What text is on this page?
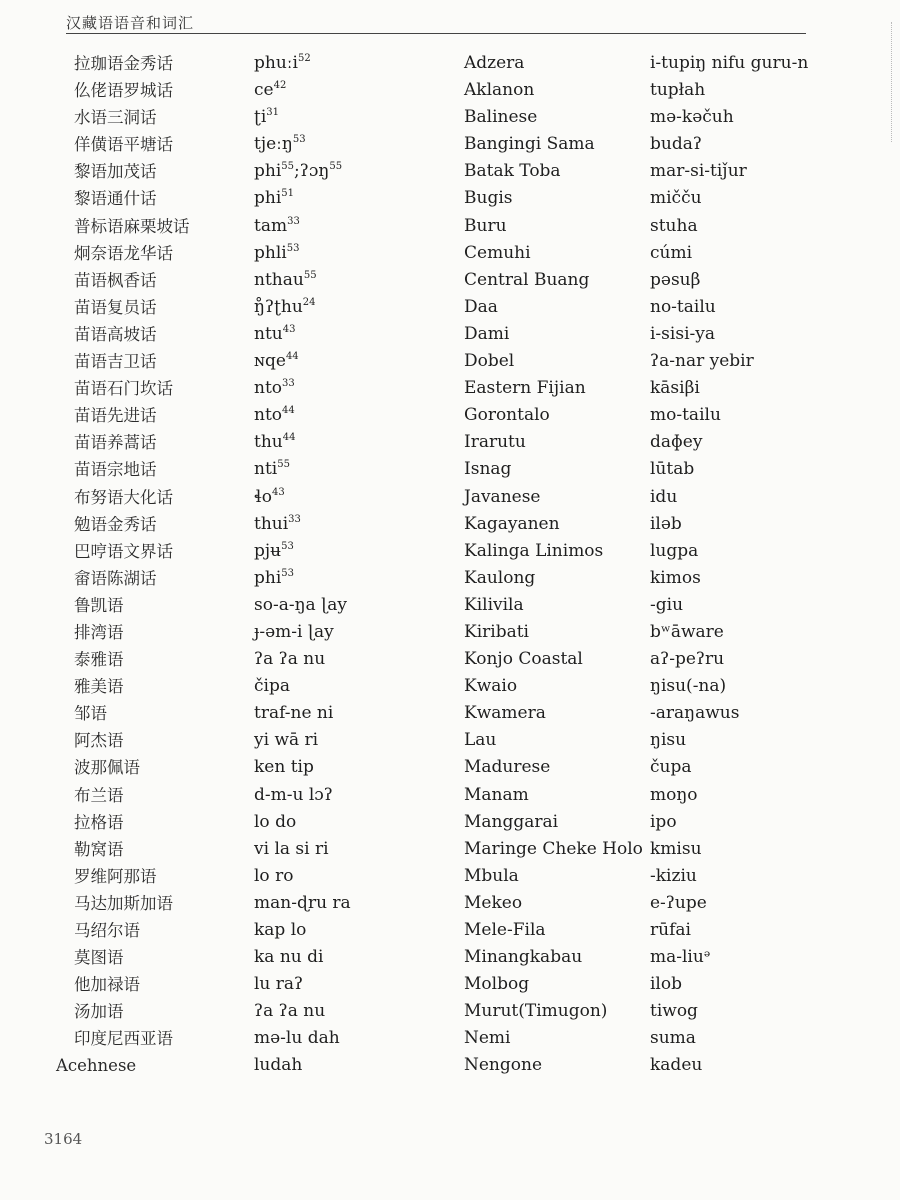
汉藏语语音和词汇
拉珈语金秀话
仫佬语罗城话
水语三洞话
佯僙语平塘话
黎语加茂话
黎语通什话
普标语麻栗坡话
炯奈语龙华话
苗语枫香话
苗语复员话
苗语高坡话
苗语吉卫话
苗语石门坎话
苗语先进话
苗语养蒿话
苗语宗地话
布努语大化话
勉语金秀话
巴哼语文界话
畲语陈湖话
鲁凯语
排湾语
泰雅语
雅美语
邹语
阿杰语
波那佩语
布兰语
拉格语
勒窝语
罗维阿那语
马达加斯加语
马绍尔语
莫图语
他加禄语
汤加语
印度尼西亚语
Acehnese
phuːi$^{52}$
$ce^{42}$
ʈi$^{31}$
tjeːŋ$^{53}$
phi$^{55}$;ʔɔŋ$^{55}$
phi$^{51}$
tam$^{33}$
phli$^{53}$
nthau$^{55}$
ŋ̊ʔʈhu$^{24}$
ntu$^{43}$
ɴqe$^{44}$
nto$^{33}$
nto$^{44}$
thu$^{44}$
nti$^{55}$
ɬo$^{43}$
thui$^{33}$
pjʉ$^{53}$
phi$^{53}$
so-a-ŋa ɭay
ɟ-əm-i ɭay
ʔa ʔa nu
čipa
traf-ne ni
yi wā ri
ken tip
d-m-u lɔʔ
lo do
vi la si ri
lo ro
man-ɖru ra
kap lo
ka nu di
lu raʔ
ʔa ʔa nu
mə-lu dah
ludah
Adzera
Aklanon
Balinese
Bangingi Sama
Batak Toba
Bugis
Buru
Cemuhi
Central Buang
Daa
Dami
Dobel
Eastern Fijian
Gorontalo
Irarutu
Isnag
Javanese
Kagayanen
Kalinga Linimos
Kaulong
Kilivila
Kiribati
Konjo Coastal
Kwaio
Kwamera
Lau
Madurese
Manam
Manggarai
Maringe Cheke Holo
Mbula
Mekeo
Mele-Fila
Minangkabau
Molbog
Murut(Timugon)
Nemi
Nengone
i-tupiŋ nifu guru-n
tupłah
mə-kəčuh
budaʔ
mar-si-tiǰur
mičču
stuha
cúmi
pəsuβ
no-tailu
i-sisi-ya
ʔa-nar yebir
kāsiβi
mo-tailu
daɸey
lūtab
idu
iləb
lugpa
kimos
-giu
bʷāware
aʔ-peʔru
ŋisu(-na)
-araŋawus
ŋisu
čupa
moŋo
ipo
kmisu
-kiziu
e-ʔupe
rūfai
ma-liuᵊ
ilob
tiwog
suma
kadeu
3164
